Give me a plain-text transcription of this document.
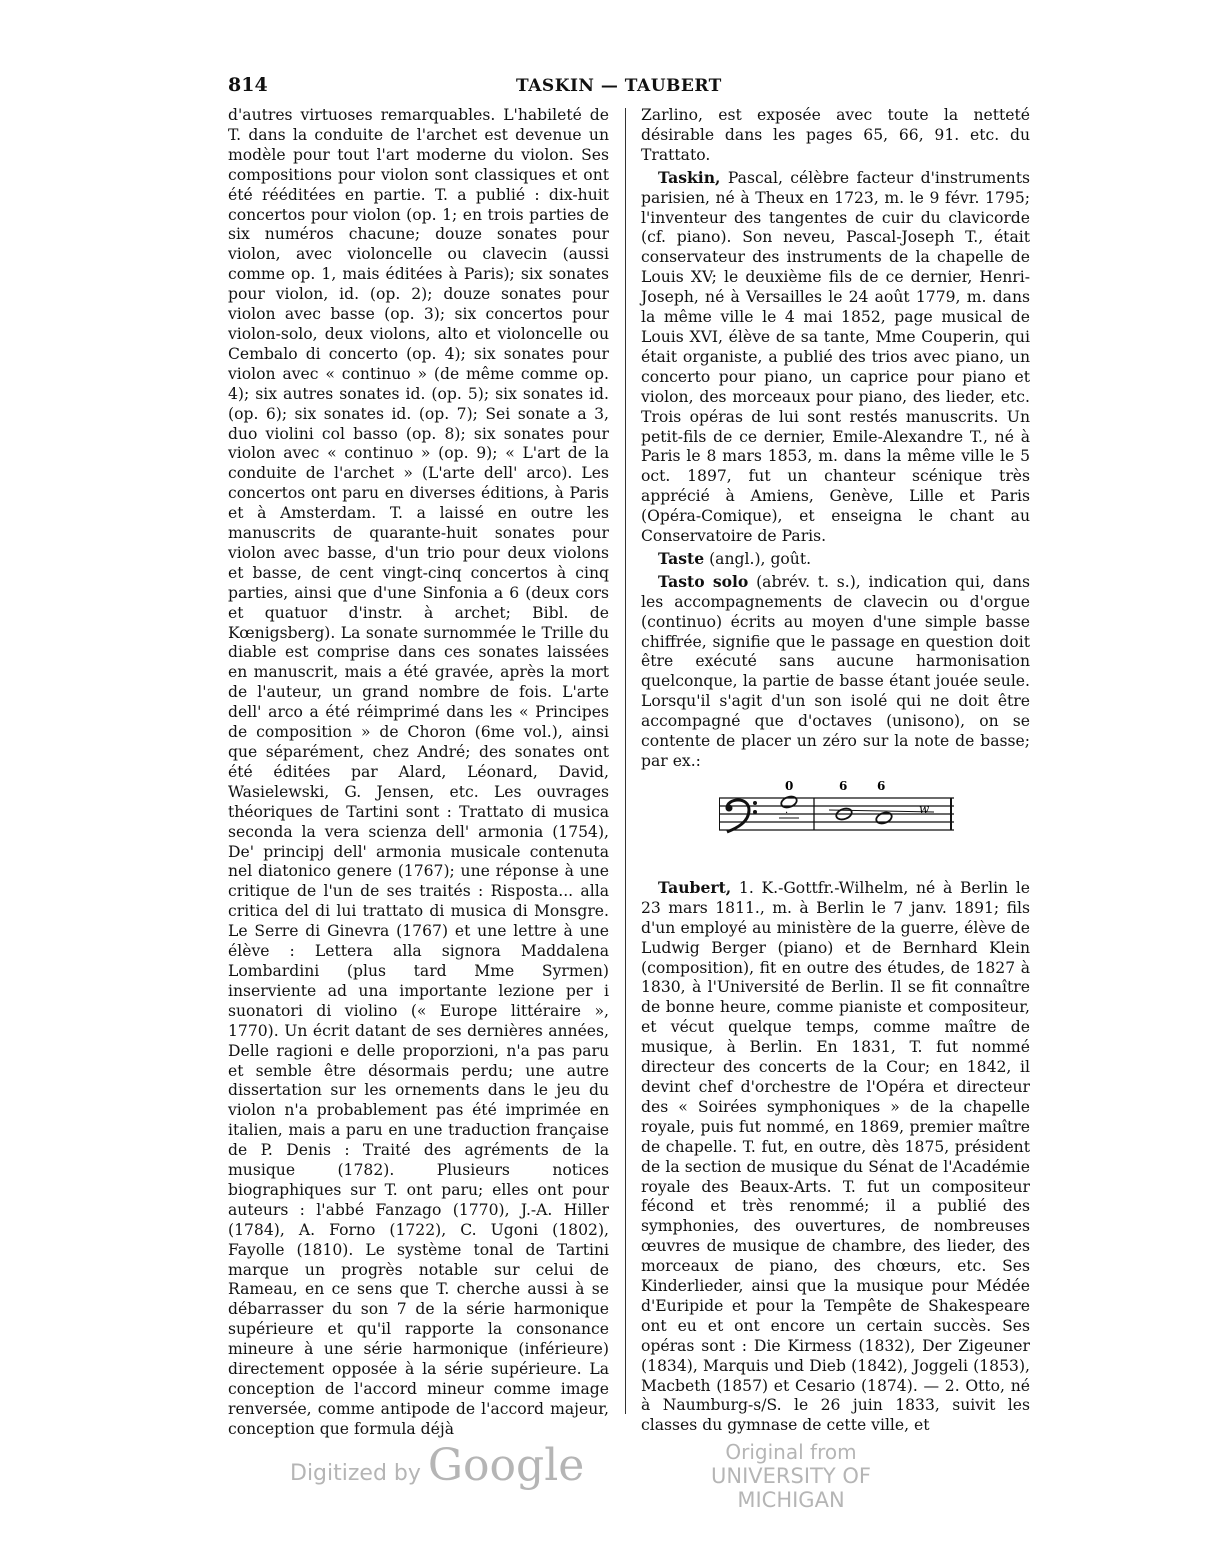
814	TASKIN — TAUBERT

d'autres virtuoses remarquables. L'habileté de T. dans la conduite de l'archet est devenue un modèle pour tout l'art moderne du violon. Ses compositions pour violon sont classiques et ont été rééditées en partie. T. a publié : dix-huit concertos pour violon (op. 1; en trois parties de six numéros chacune; douze sonates pour violon, avec violoncelle ou clavecin (aussi comme op. 1, mais éditées à Paris); six sonates pour violon, id. (op. 2); douze sonates pour violon avec basse (op. 3); six concertos pour violon-solo, deux violons, alto et violoncelle ou Cembalo di concerto (op. 4); six sonates pour violon avec « continuo » (de même comme op. 4); six autres sonates id. (op. 5); six sonates id. (op. 6); six sonates id. (op. 7); Sei sonate a 3, duo violini col basso (op. 8); six sonates pour violon avec « continuo » (op. 9); « L'art de la conduite de l'archet » (L'arte dell' arco). Les concertos ont paru en diverses éditions, à Paris et à Amsterdam. T. a laissé en outre les manuscrits de quarante-huit sonates pour violon avec basse, d'un trio pour deux violons et basse, de cent vingt-cinq concertos à cinq parties, ainsi que d'une Sinfonia a 6 (deux cors et quatuor d'instr. à archet; Bibl. de Kœnigsberg). La sonate surnommée le Trille du diable est comprise dans ces sonates laissées en manuscrit, mais a été gravée, après la mort de l'auteur, un grand nombre de fois. L'arte dell' arco a été réimprimé dans les « Principes de composition » de Choron (6me vol.), ainsi que séparément, chez André; des sonates ont été éditées par Alard, Léonard, David, Wasielewski, G. Jensen, etc. Les ouvrages théoriques de Tartini sont : Trattato di musica seconda la vera scienza dell' armonia (1754), De' principj dell' armonia musicale contenuta nel diatonico genere (1767); une réponse à une critique de l'un de ses traités : Risposta... alla critica del di lui trattato di musica di Monsgre. Le Serre di Ginevra (1767) et une lettre à une élève : Lettera alla signora Maddalena Lombardini (plus tard Mme Syrmen) inserviente ad una importante lezione per i suonatori di violino (« Europe littéraire », 1770). Un écrit datant de ses dernières années, Delle ragioni e delle proporzioni, n'a pas paru et semble être désormais perdu; une autre dissertation sur les ornements dans le jeu du violon n'a probablement pas été imprimée en italien, mais a paru en une traduction française de P. Denis : Traité des agréments de la musique (1782). Plusieurs notices biographiques sur T. ont paru; elles ont pour auteurs : l'abbé Fanzago (1770), J.-A. Hiller (1784), A. Forno (1722), C. Ugoni (1802), Fayolle (1810). Le système tonal de Tartini marque un progrès notable sur celui de Rameau, en ce sens que T. cherche aussi à se débarrasser du son 7 de la série harmonique supérieure et qu'il rapporte la consonance mineure à une série harmonique (inférieure) directement opposée à la série supérieure. La conception de l'accord mineur comme image renversée, comme antipode de l'accord majeur, conception que formula déjà

Zarlino, est exposée avec toute la netteté désirable dans les pages 65, 66, 91. etc. du Trattato.

Taskin, Pascal, célèbre facteur d'instruments parisien, né à Theux en 1723, m. le 9 févr. 1795; l'inventeur des tangentes de cuir du clavicorde (cf. piano). Son neveu, Pascal-Joseph T., était conservateur des instruments de la chapelle de Louis XV; le deuxième fils de ce dernier, Henri-Joseph, né à Versailles le 24 août 1779, m. dans la même ville le 4 mai 1852, page musical de Louis XVI, élève de sa tante, Mme Couperin, qui était organiste, a publié des trios avec piano, un concerto pour piano, un caprice pour piano et violon, des morceaux pour piano, des lieder, etc. Trois opéras de lui sont restés manuscrits. Un petit-fils de ce dernier, Emile-Alexandre T., né à Paris le 8 mars 1853, m. dans la même ville le 5 oct. 1897, fut un chanteur scénique très apprécié à Amiens, Genève, Lille et Paris (Opéra-Comique), et enseigna le chant au Conservatoire de Paris.

Taste (angl.), goût.

Tasto solo (abrév. t. s.), indication qui, dans les accompagnements de clavecin ou d'orgue (continuo) écrits au moyen d'une simple basse chiffrée, signifie que le passage en question doit être exécuté sans aucune harmonisation quelconque, la partie de basse étant jouée seule. Lorsqu'il s'agit d'un son isolé qui ne doit être accompagné que d'octaves (unisono), on se contente de placer un zéro sur la note de basse; par ex.:

·	w
0	6 6

Taubert, 1. K.-Gottfr.-Wilhelm, né à Berlin le 23 mars 1811., m. à Berlin le 7 janv. 1891; fils d'un employé au ministère de la guerre, élève de Ludwig Berger (piano) et de Bernhard Klein (composition), fit en outre des études, de 1827 à 1830, à l'Université de Berlin. Il se fit connaître de bonne heure, comme pianiste et compositeur, et vécut quelque temps, comme maître de musique, à Berlin. En 1831, T. fut nommé directeur des concerts de la Cour; en 1842, il devint chef d'orchestre de l'Opéra et directeur des « Soirées symphoniques » de la chapelle royale, puis fut nommé, en 1869, premier maître de chapelle. T. fut, en outre, dès 1875, président de la section de musique du Sénat de l'Académie royale des Beaux-Arts. T. fut un compositeur fécond et très renommé; il a publié des symphonies, des ouvertures, de nombreuses œuvres de musique de chambre, des lieder, des morceaux de piano, des chœurs, etc. Ses Kinderlieder, ainsi que la musique pour Médée d'Euripide et pour la Tempête de Shakespeare ont eu et ont encore un certain succès. Ses opéras sont : Die Kirmess (1832), Der Zigeuner (1834), Marquis und Dieb (1842), Joggeli (1853), Macbeth (1857) et Cesario (1874). — 2. Otto, né à Naumburg-s/S. le 26 juin 1833, suivit les classes du gymnase de cette ville, et

Digitized by Google	Original from
UNIVERSITY OF MICHIGAN
